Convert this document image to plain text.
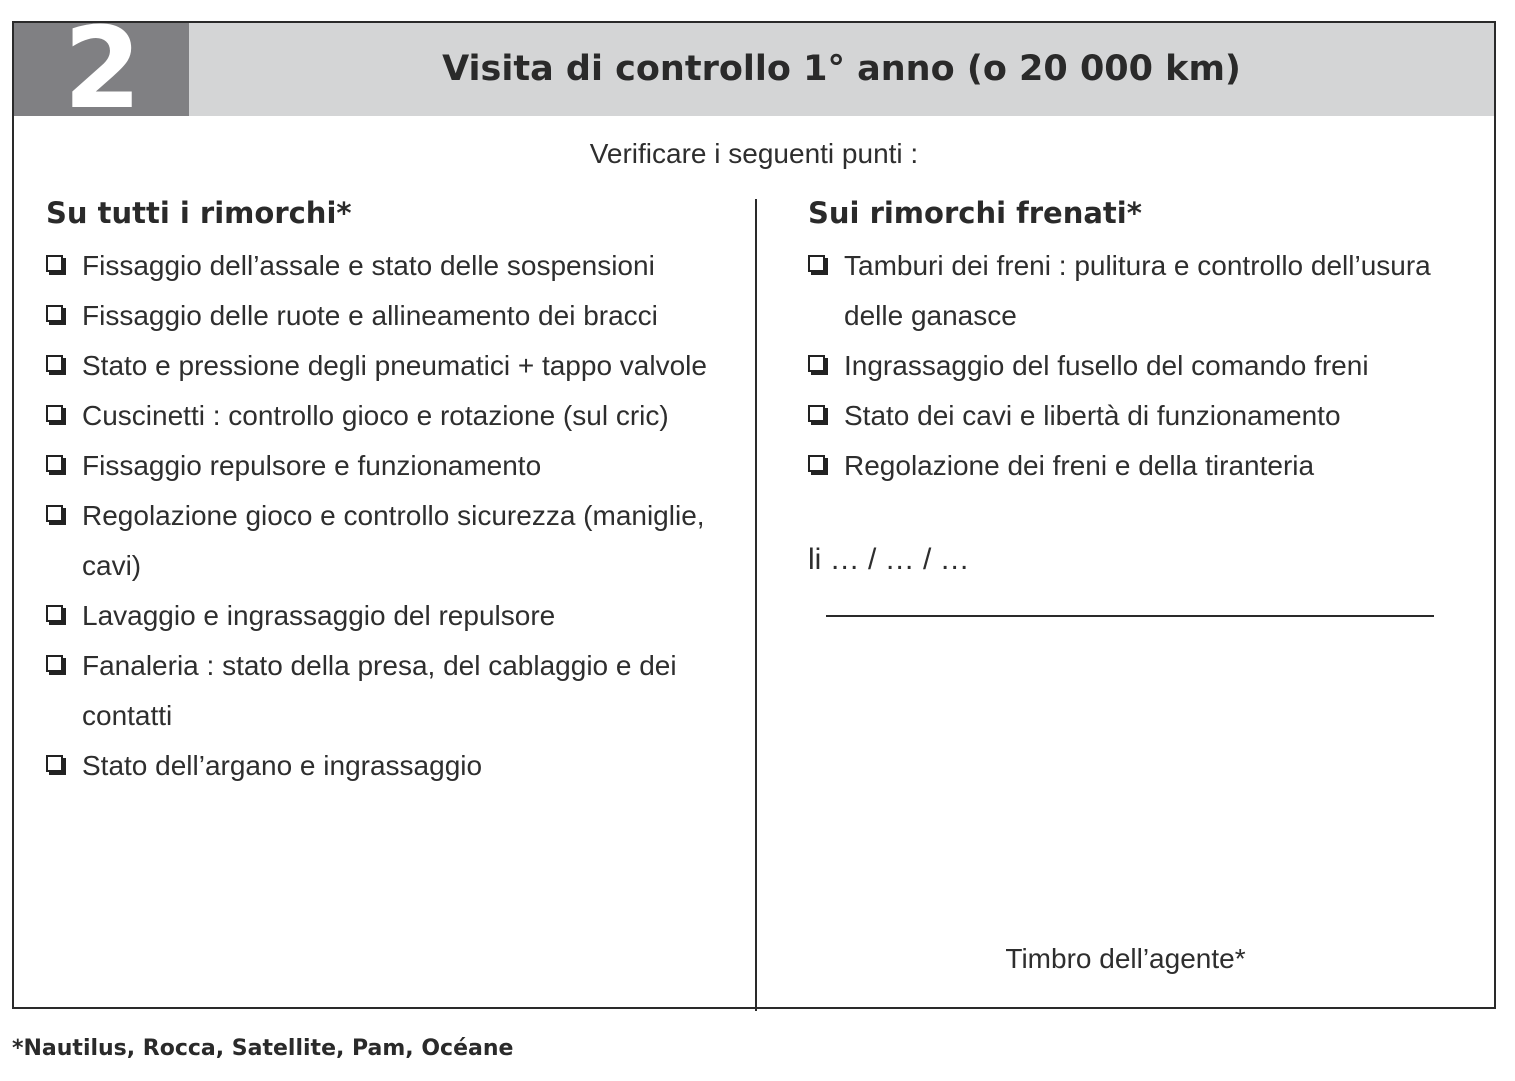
2	Visita di controllo 1° anno (o 20 000 km)
Verificare i seguenti punti :
Su tutti i rimorchi*
Fissaggio dell’assale e stato delle sospensioni
Fissaggio delle ruote e allineamento dei bracci
Stato e pressione degli pneumatici + tappo valvole
Cuscinetti : controllo gioco e rotazione (sul cric)
Fissaggio repulsore e funzionamento
Regolazione gioco e controllo sicurezza (maniglie, cavi)
Lavaggio e ingrassaggio del repulsore
Fanaleria : stato della presa, del cablaggio e dei contatti
Stato dell’argano e ingrassaggio
Sui rimorchi frenati*
Tamburi dei freni : pulitura e controllo dell’usura delle ganasce
Ingrassaggio del fusello del comando freni
Stato dei cavi e libertà di funzionamento
Regolazione dei freni e della tiranteria
li … / … / …
Timbro dell’agente*
*Nautilus, Rocca, Satellite, Pam, Océane
